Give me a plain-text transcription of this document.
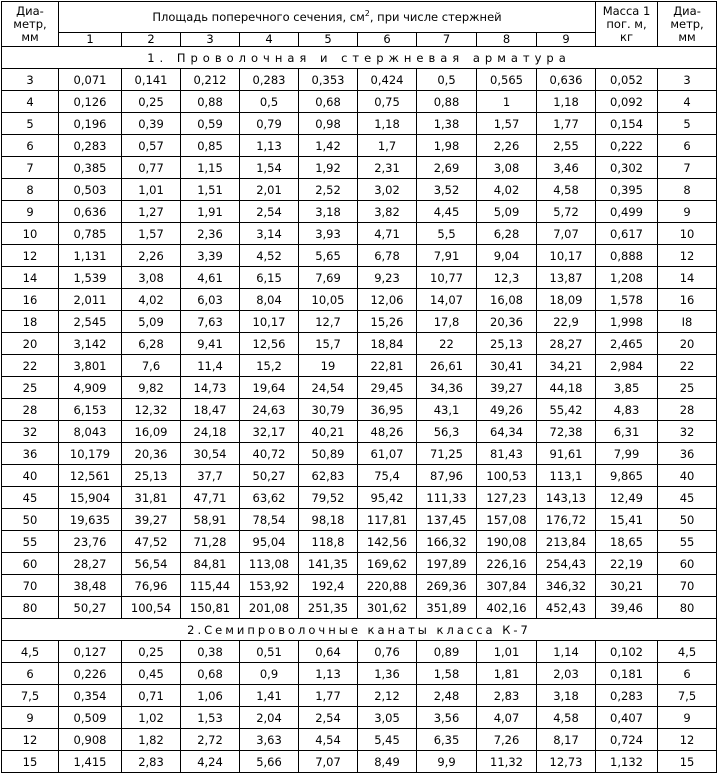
Диа-
метр,
мм	Площадь поперечного сечения, $см^2$, при числе стержней									Масса 1
пог. м,
кг	Диа-
метр,
мм
	1	2	3	4	5	6	7	8	9		
1. Проволочная и стержневая арматура											
3	0,071	0,141	0,212	0,283	0,353	0,424	0,5	0,565	0,636	0,052	3
4	0,126	0,25	0,88	0,5	0,68	0,75	0,88	1	1,18	0,092	4
5	0,196	0,39	0,59	0,79	0,98	1,18	1,38	1,57	1,77	0,154	5
6	0,283	0,57	0,85	1,13	1,42	1,7	1,98	2,26	2,55	0,222	6
7	0,385	0,77	1,15	1,54	1,92	2,31	2,69	3,08	3,46	0,302	7
8	0,503	1,01	1,51	2,01	2,52	3,02	3,52	4,02	4,58	0,395	8
9	0,636	1,27	1,91	2,54	3,18	3,82	4,45	5,09	5,72	0,499	9
10	0,785	1,57	2,36	3,14	3,93	4,71	5,5	6,28	7,07	0,617	10
12	1,131	2,26	3,39	4,52	5,65	6,78	7,91	9,04	10,17	0,888	12
14	1,539	3,08	4,61	6,15	7,69	9,23	10,77	12,3	13,87	1,208	14
16	2,011	4,02	6,03	8,04	10,05	12,06	14,07	16,08	18,09	1,578	16
18	2,545	5,09	7,63	10,17	12,7	15,26	17,8	20,36	22,9	1,998	I8
20	3,142	6,28	9,41	12,56	15,7	18,84	22	25,13	28,27	2,465	20
22	3,801	7,6	11,4	15,2	19	22,81	26,61	30,41	34,21	2,984	22
25	4,909	9,82	14,73	19,64	24,54	29,45	34,36	39,27	44,18	3,85	25
28	6,153	12,32	18,47	24,63	30,79	36,95	43,1	49,26	55,42	4,83	28
32	8,043	16,09	24,18	32,17	40,21	48,26	56,3	64,34	72,38	6,31	32
36	10,179	20,36	30,54	40,72	50,89	61,07	71,25	81,43	91,61	7,99	36
40	12,561	25,13	37,7	50,27	62,83	75,4	87,96	100,53	113,1	9,865	40
45	15,904	31,81	47,71	63,62	79,52	95,42	111,33	127,23	143,13	12,49	45
50	19,635	39,27	58,91	78,54	98,18	117,81	137,45	157,08	176,72	15,41	50
55	23,76	47,52	71,28	95,04	118,8	142,56	166,32	190,08	213,84	18,65	55
60	28,27	56,54	84,81	113,08	141,35	169,62	197,89	226,16	254,43	22,19	60
70	38,48	76,96	115,44	153,92	192,4	220,88	269,36	307,84	346,32	30,21	70
80	50,27	100,54	150,81	201,08	251,35	301,62	351,89	402,16	452,43	39,46	80
2.Семипроволочные канаты класса К-7											
4,5	0,127	0,25	0,38	0,51	0,64	0,76	0,89	1,01	1,14	0,102	4,5
6	0,226	0,45	0,68	0,9	1,13	1,36	1,58	1,81	2,03	0,181	6
7,5	0,354	0,71	1,06	1,41	1,77	2,12	2,48	2,83	3,18	0,283	7,5
9	0,509	1,02	1,53	2,04	2,54	3,05	3,56	4,07	4,58	0,407	9
12	0,908	1,82	2,72	3,63	4,54	5,45	6,35	7,26	8,17	0,724	12
15	1,415	2,83	4,24	5,66	7,07	8,49	9,9	11,32	12,73	1,132	15
